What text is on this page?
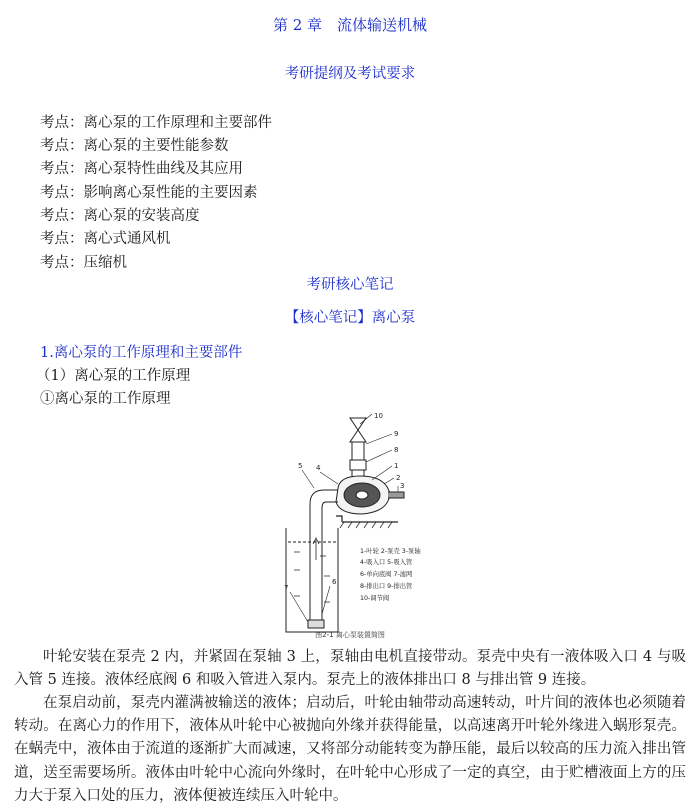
第 2 章　流体输送机械
考研提纲及考试要求
考点：离心泵的工作原理和主要部件
考点：离心泵的主要性能参数
考点：离心泵特性曲线及其应用
考点：影响离心泵性能的主要因素
考点：离心泵的安装高度
考点：离心式通风机
考点：压缩机
考研核心笔记
【核心笔记】离心泵
1.离心泵的工作原理和主要部件
（1）离心泵的工作原理
①离心泵的工作原理
10
9
8
1
2
3
4
5
6
7
1-叶轮 2-泵壳 3-泵轴
4-吸入口 5-吸入管
6-单向底阀 7-滤网
8-排出口 9-排出管
10-调节阀
图2-1 离心泵装置简图
叶轮安装在泵壳 2 内，并紧固在泵轴 3 上，泵轴由电机直接带动。泵壳中央有一液体吸入口 4 与吸入管 5 连接。液体经底阀 6 和吸入管进入泵内。泵壳上的液体排出口 8 与排出管 9 连接。
在泵启动前，泵壳内灌满被输送的液体；启动后，叶轮由轴带动高速转动，叶片间的液体也必须随着转动。在离心力的作用下，液体从叶轮中心被抛向外缘并获得能量，以高速离开叶轮外缘进入蜗形泵壳。在蜗壳中，液体由于流道的逐渐扩大而减速，又将部分动能转变为静压能，最后以较高的压力流入排出管道，送至需要场所。液体由叶轮中心流向外缘时，在叶轮中心形成了一定的真空，由于贮槽液面上方的压力大于泵入口处的压力，液体便被连续压入叶轮中。
